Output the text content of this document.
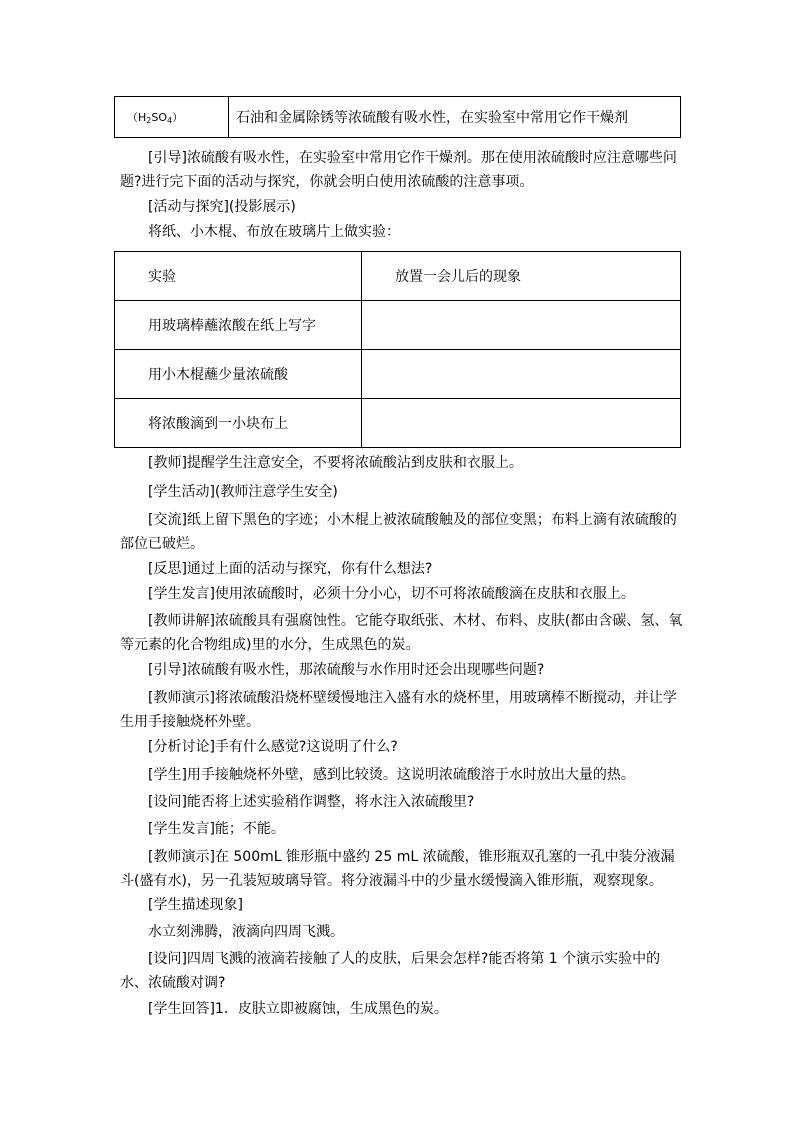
$(H_2SO_4)$	石油和金属除锈等浓硫酸有吸水性，在实验室中常用它作干燥剂
[引导]浓硫酸有吸水性，在实验室中常用它作干燥剂。那在使用浓硫酸时应注意哪些问题?进行完下面的活动与探究，你就会明白使用浓硫酸的注意事项。
[活动与探究](投影展示)
将纸、小木棍、布放在玻璃片上做实验：
实验	放置一会儿后的现象
用玻璃棒蘸浓酸在纸上写字	
用小木棍蘸少量浓硫酸	
将浓酸滴到一小块布上	
[教师]提醒学生注意安全，不要将浓硫酸沾到皮肤和衣服上。
[学生活动](教师注意学生安全)
[交流]纸上留下黑色的字迹；小木棍上被浓硫酸触及的部位变黑；布料上滴有浓硫酸的部位已破烂。
[反思]通过上面的活动与探究，你有什么想法?
[学生发言]使用浓硫酸时，必须十分小心，切不可将浓硫酸滴在皮肤和衣服上。
[教师讲解]浓硫酸具有强腐蚀性。它能夺取纸张、木材、布料、皮肤(都由含碳、氢、氧等元素的化合物组成)里的水分，生成黑色的炭。
[引导]浓硫酸有吸水性，那浓硫酸与水作用时还会出现哪些问题?
[教师演示]将浓硫酸沿烧杯壁缓慢地注入盛有水的烧杯里，用玻璃棒不断搅动，并让学生用手接触烧杯外壁。
[分析讨论]手有什么感觉?这说明了什么?
[学生]用手接触烧杯外壁，感到比较烫。这说明浓硫酸溶于水时放出大量的热。
[设问]能否将上述实验稍作调整，将水注入浓硫酸里?
[学生发言]能；不能。
[教师演示]在 500mL 锥形瓶中盛约 25 mL 浓硫酸，锥形瓶双孔塞的一孔中装分液漏斗(盛有水)，另一孔装短玻璃导管。将分液漏斗中的少量水缓慢滴入锥形瓶，观察现象。
[学生描述现象]
水立刻沸腾，液滴向四周飞溅。
[设问]四周飞溅的液滴若接触了人的皮肤，后果会怎样?能否将第 1 个演示实验中的水、浓硫酸对调?
[学生回答]1．皮肤立即被腐蚀，生成黑色的炭。
